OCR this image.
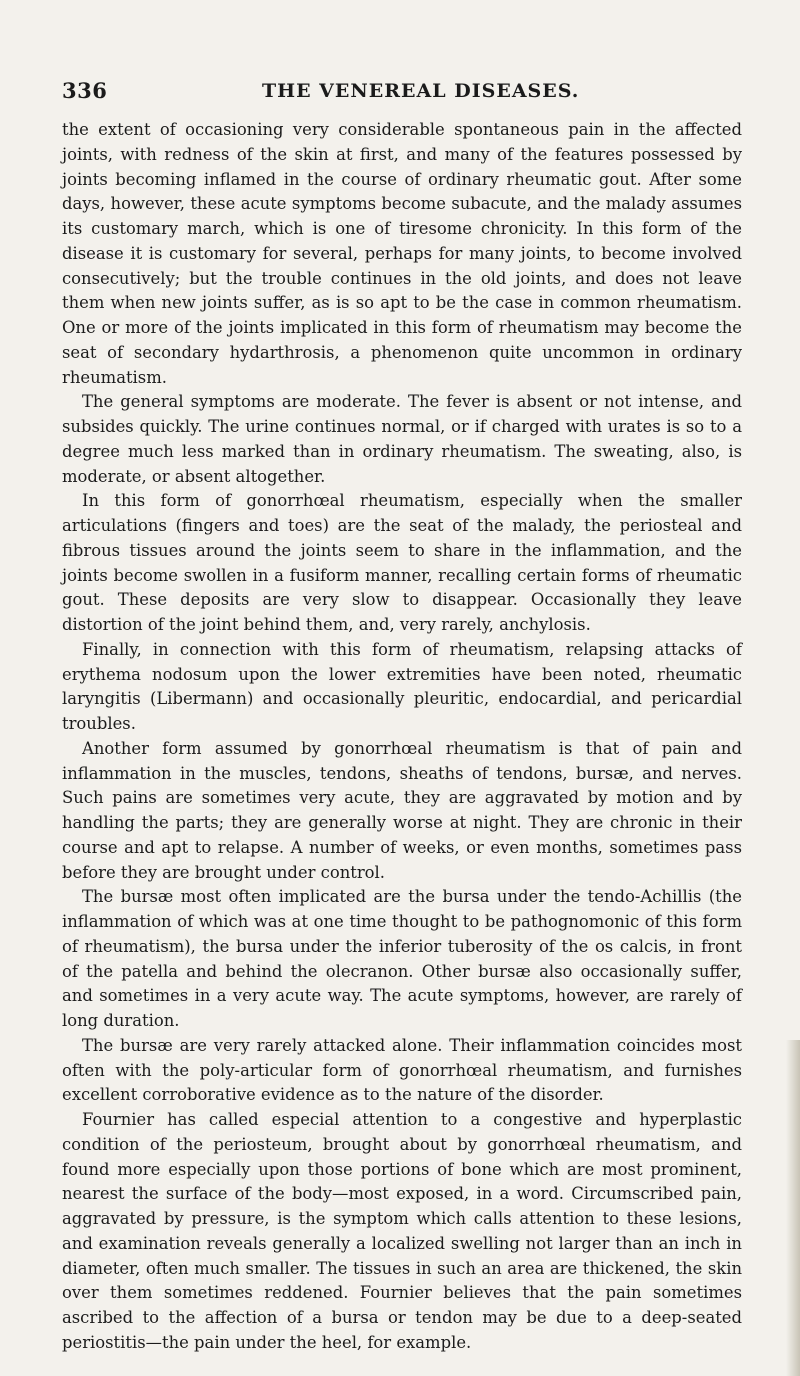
336	THE VENEREAL DISEASES.

the extent of occasioning very considerable spontaneous pain in the affected joints, with redness of the skin at first, and many of the features possessed by joints becoming inflamed in the course of ordinary rheumatic gout. After some days, however, these acute symptoms become subacute, and the malady assumes its customary march, which is one of tiresome chronicity. In this form of the disease it is customary for several, perhaps for many joints, to become involved consecutively; but the trouble continues in the old joints, and does not leave them when new joints suffer, as is so apt to be the case in common rheumatism. One or more of the joints implicated in this form of rheumatism may become the seat of secondary hydarthrosis, a phenomenon quite uncommon in ordinary rheumatism.

The general symptoms are moderate. The fever is absent or not intense, and subsides quickly. The urine continues normal, or if charged with urates is so to a degree much less marked than in ordinary rheumatism. The sweating, also, is moderate, or absent altogether.

In this form of gonorrhœal rheumatism, especially when the smaller articulations (fingers and toes) are the seat of the malady, the periosteal and fibrous tissues around the joints seem to share in the inflammation, and the joints become swollen in a fusiform manner, recalling certain forms of rheumatic gout. These deposits are very slow to disappear. Occasionally they leave distortion of the joint behind them, and, very rarely, anchylosis.

Finally, in connection with this form of rheumatism, relapsing attacks of erythema nodosum upon the lower extremities have been noted, rheumatic laryngitis (Libermann) and occasionally pleuritic, endocardial, and pericardial troubles.

Another form assumed by gonorrhœal rheumatism is that of pain and inflammation in the muscles, tendons, sheaths of tendons, bursæ, and nerves. Such pains are sometimes very acute, they are aggravated by motion and by handling the parts; they are generally worse at night. They are chronic in their course and apt to relapse. A number of weeks, or even months, sometimes pass before they are brought under control.

The bursæ most often implicated are the bursa under the tendo-Achillis (the inflammation of which was at one time thought to be pathognomonic of this form of rheumatism), the bursa under the inferior tuberosity of the os calcis, in front of the patella and behind the olecranon. Other bursæ also occasionally suffer, and sometimes in a very acute way. The acute symptoms, however, are rarely of long duration.

The bursæ are very rarely attacked alone. Their inflammation coincides most often with the poly-articular form of gonorrhœal rheumatism, and furnishes excellent corroborative evidence as to the nature of the disorder.

Fournier has called especial attention to a congestive and hyperplastic condition of the periosteum, brought about by gonorrhœal rheumatism, and found more especially upon those portions of bone which are most prominent, nearest the surface of the body—most exposed, in a word. Circumscribed pain, aggravated by pressure, is the symptom which calls attention to these lesions, and examination reveals generally a localized swelling not larger than an inch in diameter, often much smaller. The tissues in such an area are thickened, the skin over them sometimes reddened. Fournier believes that the pain sometimes ascribed to the affection of a bursa or tendon may be due to a deep-seated periostitis—the pain under the heel, for example.
